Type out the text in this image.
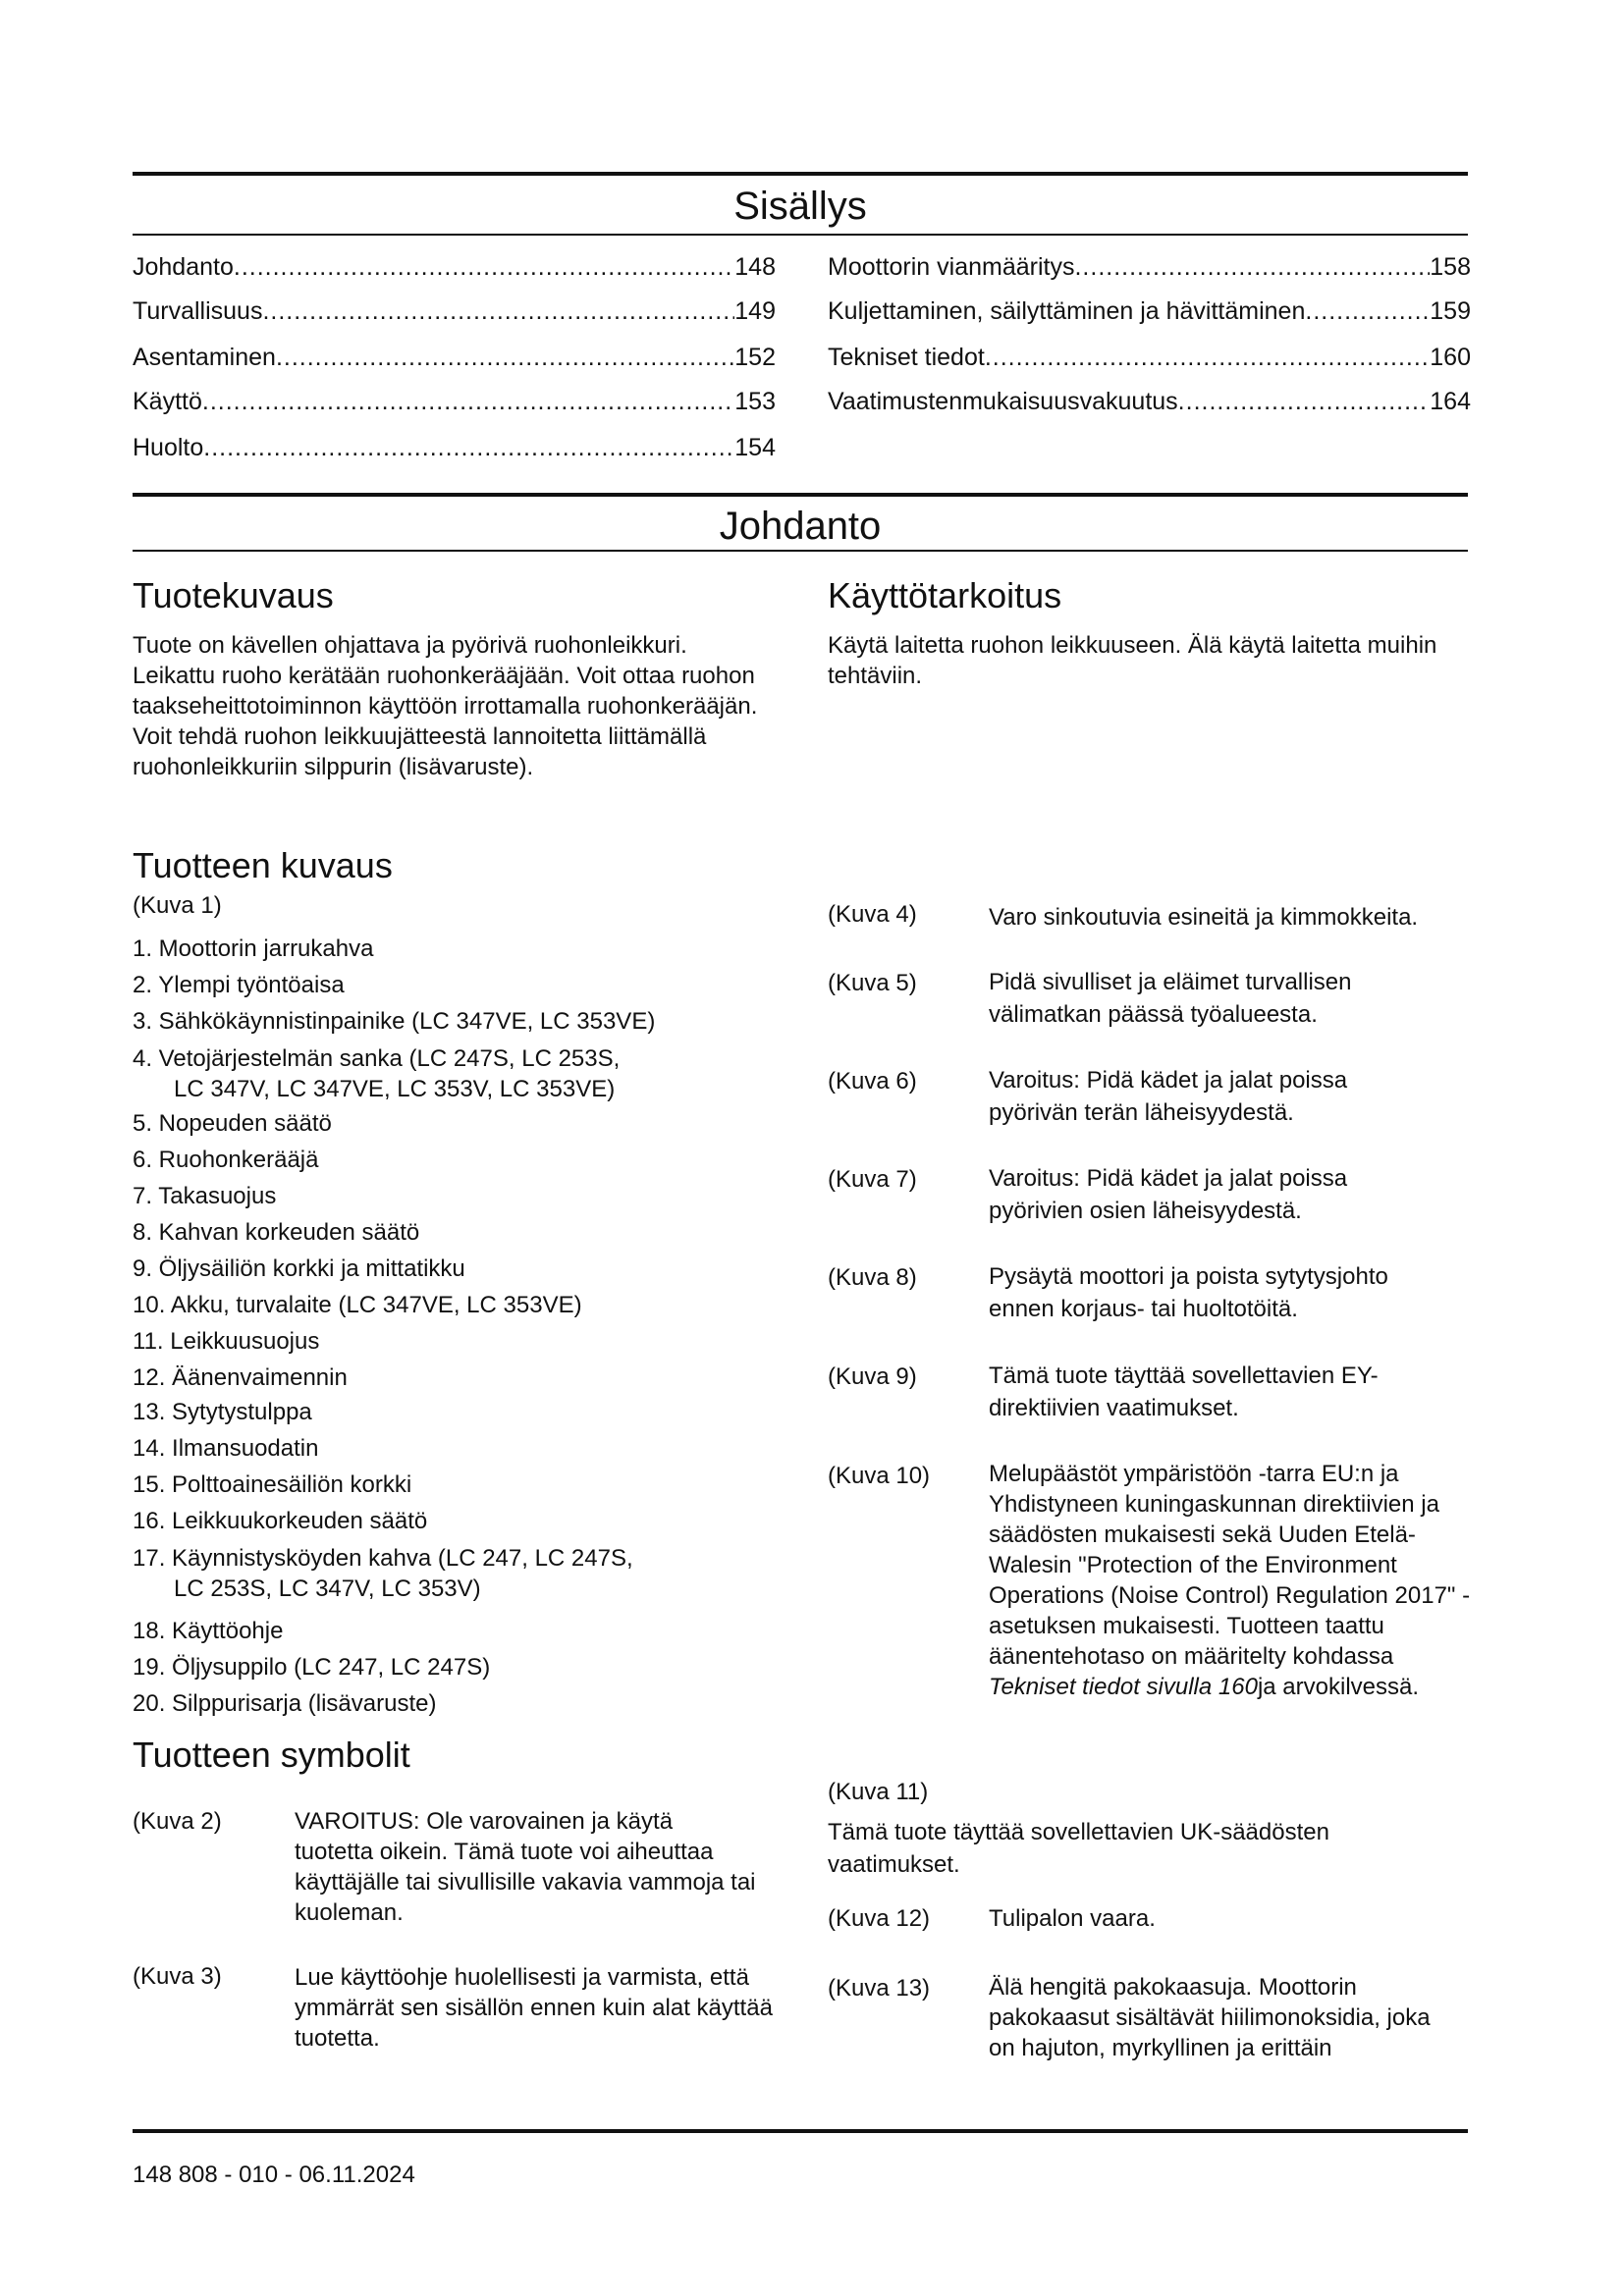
Sisällys
Johdanto .....	148
Turvallisuus .....	149
Asentaminen .....	152
Käyttö .....	153
Huolto .....	154
Moottorin vianmääritys .....	158
Kuljettaminen, säilyttäminen ja hävittäminen .....	159
Tekniset tiedot .....	160
Vaatimustenmukaisuusvakuutus .....	164
Johdanto
Tuotekuvaus

Tuote on kävellen ohjattava ja pyörivä ruohonleikkuri. Leikattu ruoho kerätään ruohonkerääjään. Voit ottaa ruohon taakseheittotoiminnon käyttöön irrottamalla ruohonkerääjän. Voit tehdä ruohon leikkuujätteestä lannoitetta liittämällä ruohonleikkuriin silppurin (lisävaruste).

Käyttötarkoitus

Käytä laitetta ruohon leikkuuseen. Älä käytä laitetta muihin tehtäviin.

Tuotteen kuvaus
(Kuva 1)
1. Moottorin jarrukahva
2. Ylempi työntöaisa
3. Sähkökäynnistinpainike (LC 347VE, LC 353VE)
4. Vetojärjestelmän sanka (LC 247S, LC 253S,
LC 347V, LC 347VE, LC 353V, LC 353VE)
5. Nopeuden säätö
6. Ruohonkerääjä
7. Takasuojus
8. Kahvan korkeuden säätö
9. Öljysäiliön korkki ja mittatikku
10. Akku, turvalaite (LC 347VE, LC 353VE)
11. Leikkuusuojus
12. Äänenvaimennin
13. Sytytystulppa
14. Ilmansuodatin
15. Polttoainesäiliön korkki
16. Leikkuukorkeuden säätö
17. Käynnistysköyden kahva (LC 247, LC 247S,
LC 253S, LC 347V, LC 353V)
18. Käyttöohje
19. Öljysuppilo (LC 247, LC 247S)
20. Silppurisarja (lisävaruste)
Tuotteen symbolit
(Kuva 2)	VAROITUS: Ole varovainen ja käytä tuotetta oikein. Tämä tuote voi aiheuttaa käyttäjälle tai sivullisille vakavia vammoja tai kuoleman.

(Kuva 3)	Lue käyttöohje huolellisesti ja varmista, että ymmärrät sen sisällön ennen kuin alat käyttää tuotetta.

(Kuva 4)	Varo sinkoutuvia esineitä ja kimmokkeita.

(Kuva 5)	Pidä sivulliset ja eläimet turvallisen välimatkan päässä työalueesta.

(Kuva 6)	Varoitus: Pidä kädet ja jalat poissa pyörivän terän läheisyydestä.

(Kuva 7)	Varoitus: Pidä kädet ja jalat poissa pyörivien osien läheisyydestä.

(Kuva 8)	Pysäytä moottori ja poista sytytysjohto ennen korjaus- tai huoltotöitä.

(Kuva 9)	Tämä tuote täyttää sovellettavien EY-direktiivien vaatimukset.

(Kuva 10) Melupäästöt ympäristöön -tarra EU:n ja Yhdistyneen kuningaskunnan direktiivien ja säädösten mukaisesti sekä Uuden Etelä-Walesin "Protection of the Environment Operations (Noise Control) Regulation 2017" -asetuksen mukaisesti. Tuotteen taattu äänentehotaso on määritelty kohdassa Tekniset tiedot sivulla 160ja arvokilvessä.

(Kuva 11)

Tämä tuote täyttää sovellettavien UK-säädösten vaatimukset.

(Kuva 12) Tulipalon vaara.

(Kuva 13) Älä hengitä pakokaasuja. Moottorin pakokaasut sisältävät hiilimonoksidia, joka on hajuton, myrkyllinen ja erittäin

148 808 - 010 - 06.11.2024
